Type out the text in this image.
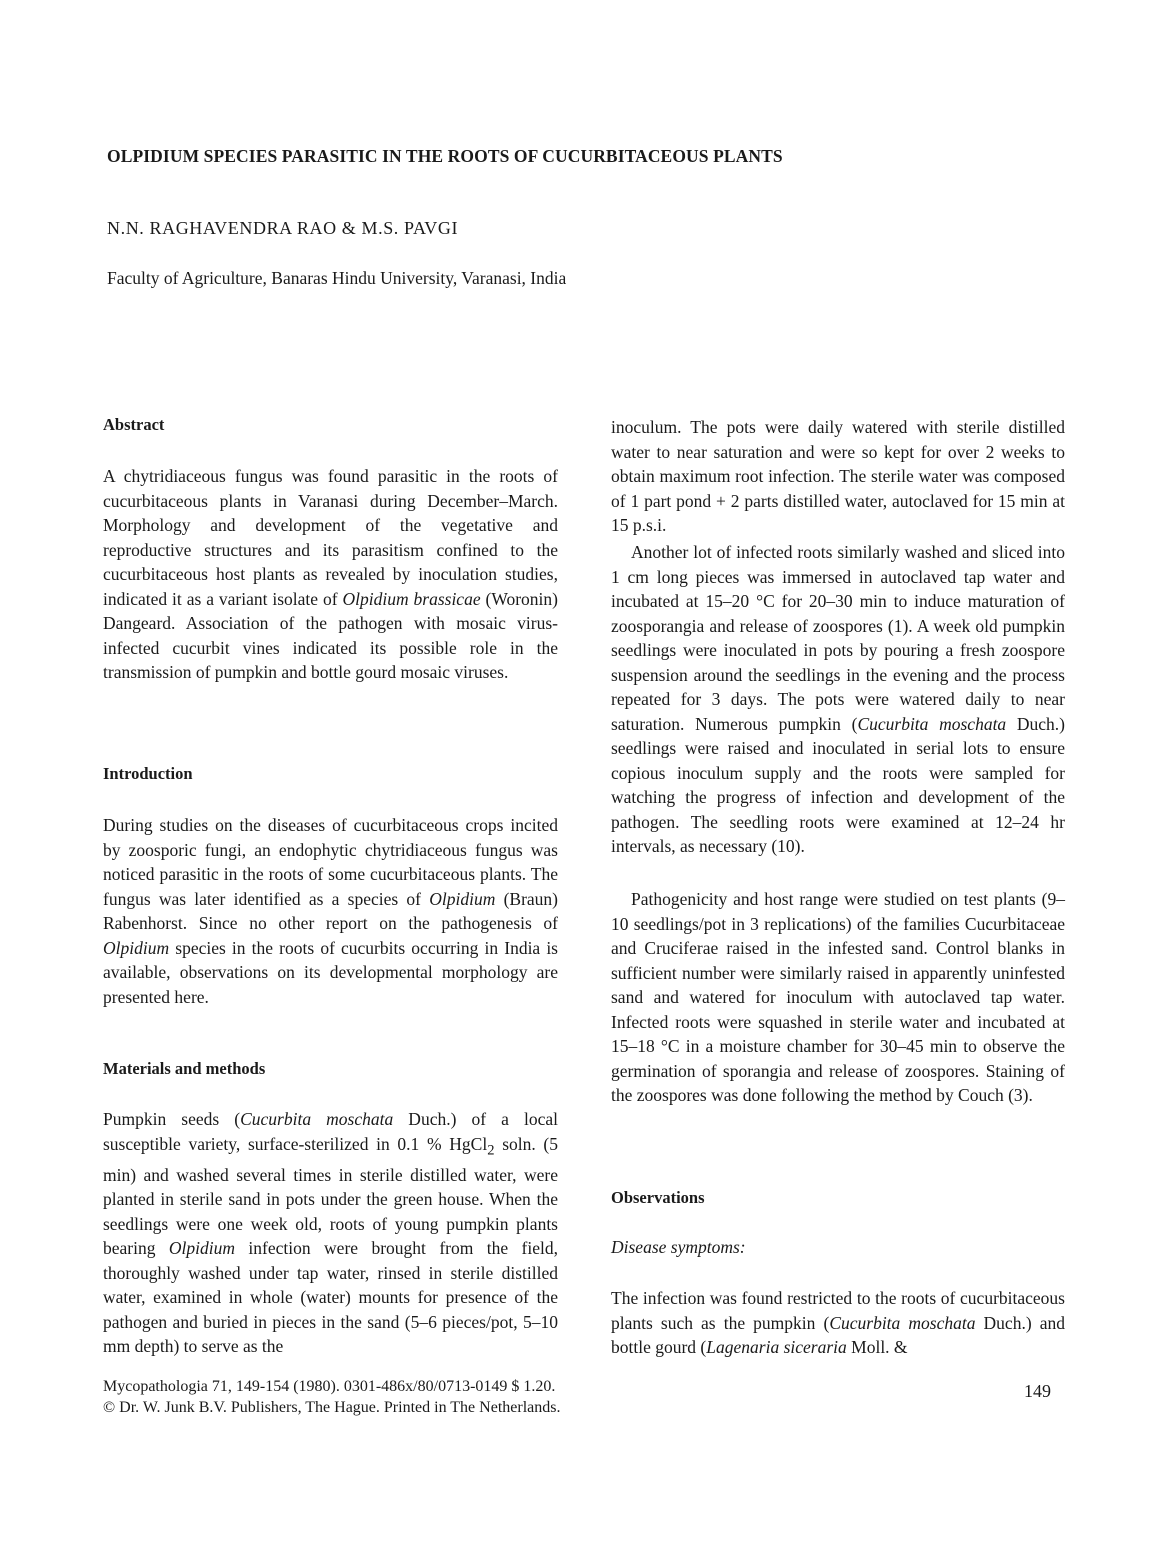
OLPIDIUM SPECIES PARASITIC IN THE ROOTS OF CUCURBITACEOUS PLANTS

N.N. RAGHAVENDRA RAO & M.S. PAVGI

Faculty of Agriculture, Banaras Hindu University, Varanasi, India

Abstract

A chytridiaceous fungus was found parasitic in the roots of cucurbitaceous plants in Varanasi during December–March. Morphology and development of the vegetative and reproductive structures and its parasitism confined to the cucurbitaceous host plants as revealed by inoculation studies, indicated it as a variant isolate of Olpidium brassicae (Woronin) Dangeard. Association of the pathogen with mosaic virus-infected cucurbit vines indicated its possible role in the transmission of pumpkin and bottle gourd mosaic viruses.

Introduction

During studies on the diseases of cucurbitaceous crops incited by zoosporic fungi, an endophytic chytridiaceous fungus was noticed parasitic in the roots of some cucurbitaceous plants. The fungus was later identified as a species of Olpidium (Braun) Rabenhorst. Since no other report on the pathogenesis of Olpidium species in the roots of cucurbits occurring in India is available, observations on its developmental morphology are presented here.

Materials and methods

Pumpkin seeds (Cucurbita moschata Duch.) of a local susceptible variety, surface-sterilized in 0.1 % HgCl$_2$ soln. (5 min) and washed several times in sterile distilled water, were planted in sterile sand in pots under the green house. When the seedlings were one week old, roots of young pumpkin plants bearing Olpidium infection were brought from the field, thoroughly washed under tap water, rinsed in sterile distilled water, examined in whole (water) mounts for presence of the pathogen and buried in pieces in the sand (5–6 pieces/pot, 5–10 mm depth) to serve as the

inoculum. The pots were daily watered with sterile distilled water to near saturation and were so kept for over 2 weeks to obtain maximum root infection. The sterile water was composed of 1 part pond + 2 parts distilled water, autoclaved for 15 min at 15 p.s.i.

Another lot of infected roots similarly washed and sliced into 1 cm long pieces was immersed in autoclaved tap water and incubated at 15–20 °C for 20–30 min to induce maturation of zoosporangia and release of zoospores (1). A week old pumpkin seedlings were inoculated in pots by pouring a fresh zoospore suspension around the seedlings in the evening and the process repeated for 3 days. The pots were watered daily to near saturation. Numerous pumpkin (Cucurbita moschata Duch.) seedlings were raised and inoculated in serial lots to ensure copious inoculum supply and the roots were sampled for watching the progress of infection and development of the pathogen. The seedling roots were examined at 12–24 hr intervals, as necessary (10).

Pathogenicity and host range were studied on test plants (9–10 seedlings/pot in 3 replications) of the families Cucurbitaceae and Cruciferae raised in the infested sand. Control blanks in sufficient number were similarly raised in apparently uninfested sand and watered for inoculum with autoclaved tap water. Infected roots were squashed in sterile water and incubated at 15–18 °C in a moisture chamber for 30–45 min to observe the germination of sporangia and release of zoospores. Staining of the zoospores was done following the method by Couch (3).

Observations

Disease symptoms:

The infection was found restricted to the roots of cucurbitaceous plants such as the pumpkin (Cucurbita moschata Duch.) and bottle gourd (Lagenaria siceraria Moll. &

Mycopathologia 71, 149-154 (1980). 0301-486x/80/0713-0149 $ 1.20.
© Dr. W. Junk B.V. Publishers, The Hague. Printed in The Netherlands.

149
